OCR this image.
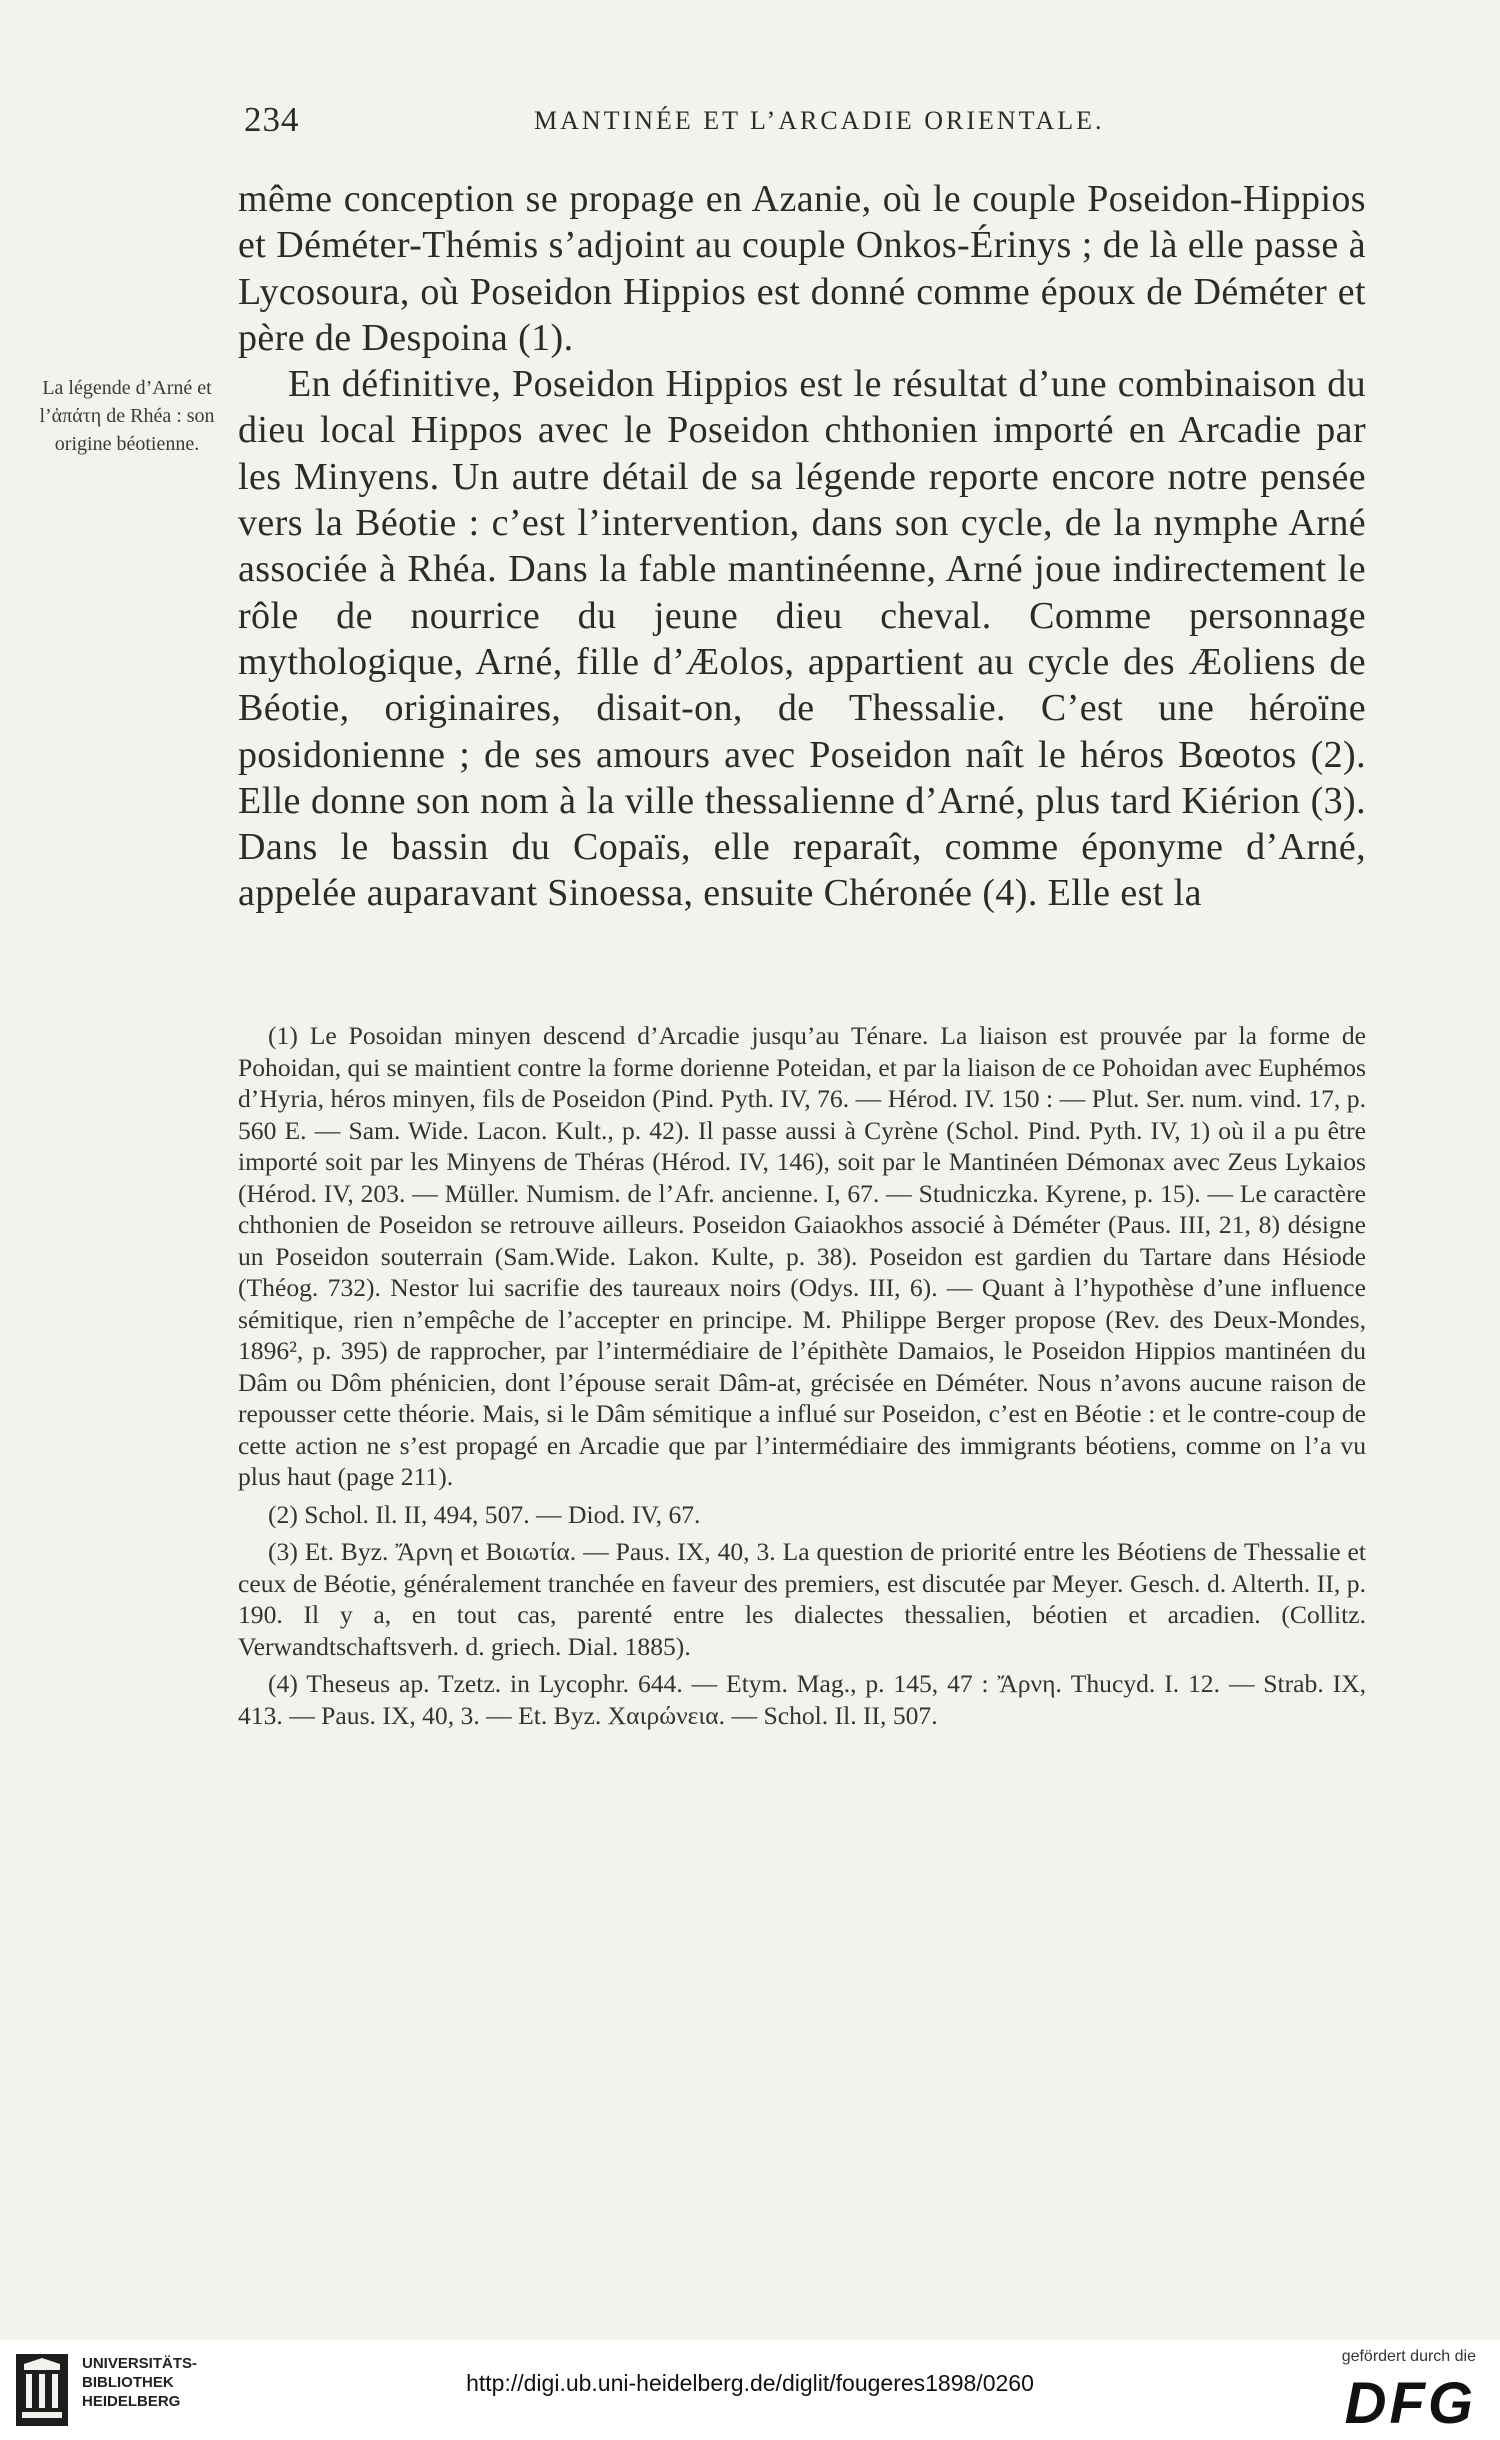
234	MANTINÉE ET L’ARCADIE ORIENTALE.
La légende d’Arné et l’ἀπάτη de Rhéa : son origine béotienne.

même conception se propage en Azanie, où le couple Poseidon-Hippios et Déméter-Thémis s’adjoint au couple Onkos-Érinys ; de là elle passe à Lycosoura, où Poseidon Hippios est donné comme époux de Déméter et père de Despoina (1).

En définitive, Poseidon Hippios est le résultat d’une combinaison du dieu local Hippos avec le Poseidon chthonien importé en Arcadie par les Minyens. Un autre détail de sa légende reporte encore notre pensée vers la Béotie : c’est l’intervention, dans son cycle, de la nymphe Arné associée à Rhéa. Dans la fable mantinéenne, Arné joue indirectement le rôle de nourrice du jeune dieu cheval. Comme personnage mythologique, Arné, fille d’Æolos, appartient au cycle des Æoliens de Béotie, originaires, disait-on, de Thessalie. C’est une héroïne posidonienne ; de ses amours avec Poseidon naît le héros Bœotos (2). Elle donne son nom à la ville thessalienne d’Arné, plus tard Kiérion (3). Dans le bassin du Copaïs, elle reparaît, comme éponyme d’Arné, appelée auparavant Sinoessa, ensuite Chéronée (4). Elle est la

(1) Le Posoidan minyen descend d’Arcadie jusqu’au Ténare. La liaison est prouvée par la forme de Pohoidan, qui se maintient contre la forme dorienne Poteidan, et par la liaison de ce Pohoidan avec Euphémos d’Hyria, héros minyen, fils de Poseidon (Pind. Pyth. IV, 76. — Hérod. IV. 150 : — Plut. Ser. num. vind. 17, p. 560 E. — Sam. Wide. Lacon. Kult., p. 42). Il passe aussi à Cyrène (Schol. Pind. Pyth. IV, 1) où il a pu être importé soit par les Minyens de Théras (Hérod. IV, 146), soit par le Mantinéen Démonax avec Zeus Lykaios (Hérod. IV, 203. — Müller. Numism. de l’Afr. ancienne. I, 67. — Studniczka. Kyrene, p. 15). — Le caractère chthonien de Poseidon se retrouve ailleurs. Poseidon Gaiaokhos associé à Déméter (Paus. III, 21, 8) désigne un Poseidon souterrain (Sam.Wide. Lakon. Kulte, p. 38). Poseidon est gardien du Tartare dans Hésiode (Théog. 732). Nestor lui sacrifie des taureaux noirs (Odys. III, 6). — Quant à l’hypothèse d’une influence sémitique, rien n’empêche de l’accepter en principe. M. Philippe Berger propose (Rev. des Deux-Mondes, 1896², p. 395) de rapprocher, par l’intermédiaire de l’épithète Damaios, le Poseidon Hippios mantinéen du Dâm ou Dôm phénicien, dont l’épouse serait Dâm-at, grécisée en Déméter. Nous n’avons aucune raison de repousser cette théorie. Mais, si le Dâm sémitique a influé sur Poseidon, c’est en Béotie : et le contre-coup de cette action ne s’est propagé en Arcadie que par l’intermédiaire des immigrants béotiens, comme on l’a vu plus haut (page 211).

(2) Schol. Il. II, 494, 507. — Diod. IV, 67.

(3) Et. Byz. Ἄρνη et Βοιωτία. — Paus. IX, 40, 3. La question de priorité entre les Béotiens de Thessalie et ceux de Béotie, généralement tranchée en faveur des premiers, est discutée par Meyer. Gesch. d. Alterth. II, p. 190. Il y a, en tout cas, parenté entre les dialectes thessalien, béotien et arcadien. (Collitz. Verwandtschaftsverh. d. griech. Dial. 1885).

(4) Theseus ap. Tzetz. in Lycophr. 644. — Etym. Mag., p. 145, 47 : Ἄρνη. Thucyd. I. 12. — Strab. IX, 413. — Paus. IX, 40, 3. — Et. Byz. Χαιρώνεια. — Schol. Il. II, 507.

UNIVERSITÄTS-
BIBLIOTHEK
HEIDELBERG
http://digi.ub.uni-heidelberg.de/diglit/fougeres1898/0260
gefördert durch die
DFG
